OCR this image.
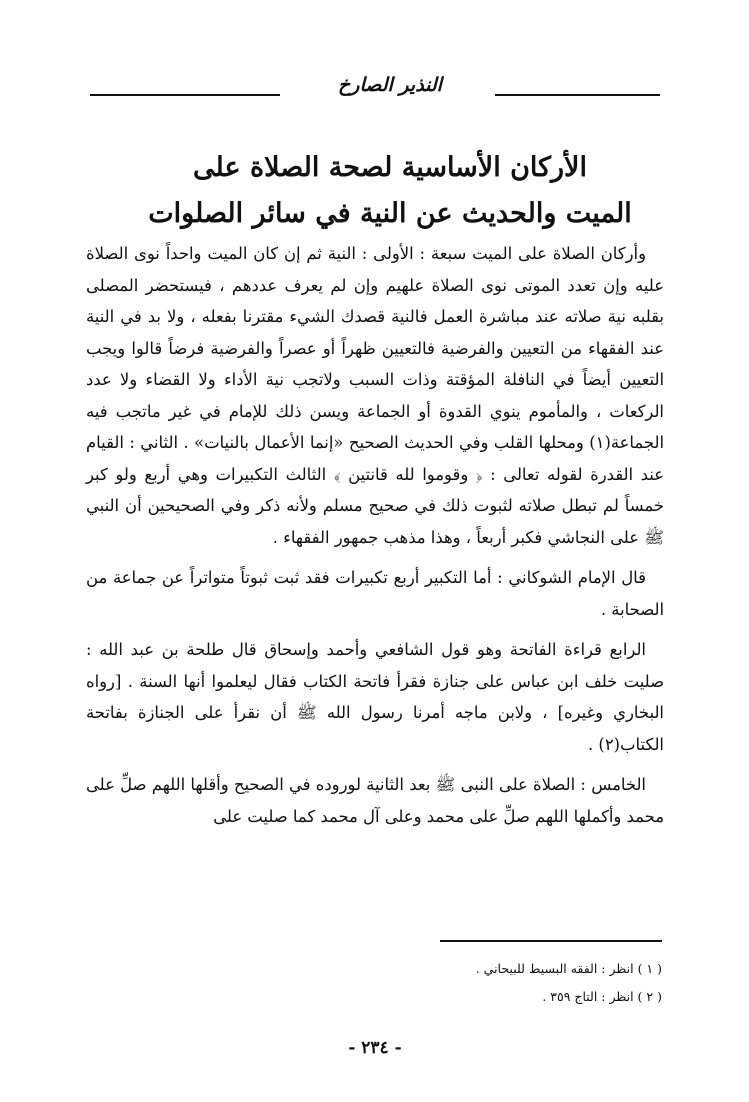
النذير الصارخ
الأركان الأساسية لصحة الصلاة على
الميت والحديث عن النية في سائر الصلوات

وأركان الصلاة على الميت سبعة : الأولى : النية ثم إن كان الميت واحداً نوى الصلاة عليه وإن تعدد الموتى نوى الصلاة علهيم وإن لم يعرف عددهم ، فيستحضر المصلى بقلبه نية صلاته عند مباشرة العمل فالنية قصدك الشيء مقترنا بفعله ، ولا بد في النية عند الفقهاء من التعيين والفرضية فالتعيين ظهراً أو عصراً والفرضية فرضاً قالوا ويجب التعيين أيضاً في النافلة المؤقتة وذات السبب ولاتجب نية الأداء ولا القضاء ولا عدد الركعات ، والمأموم ينوي القدوة أو الجماعة ويسن ذلك للإمام في غير ماتجب فيه الجماعة(١) ومحلها القلب وفي الحديث الصحيح «إنما الأعمال بالنيات» . الثاني : القيام عند القدرة لقوله تعالى : ﴿ وقوموا لله قانتين ﴾ الثالث التكبيرات وهي أربع ولو كبر خمساً لم تبطل صلاته لثبوت ذلك في صحيح مسلم ولأنه ذكر وفي الصحيحين أن النبي ﷺ على النجاشي فكبر أربعاً ، وهذا مذهب جمهور الفقهاء .

قال الإمام الشوكاني : أما التكبير أربع تكبيرات فقد ثبت ثبوتاً متواتراً عن جماعة من الصحابة .

الرابع قراءة الفاتحة وهو قول الشافعي وأحمد وإسحاق قال طلحة بن عبد الله : صليت خلف ابن عباس على جنازة فقرأ فاتحة الكتاب فقال ليعلموا أنها السنة . [رواه البخاري وغيره] ، ولابن ماجه أمرنا رسول الله ﷺ أن نقرأ على الجنازة بفاتحة الكتاب(٢) .

الخامس : الصلاة على النبى ﷺ بعد الثانية لوروده في الصحيح وأقلها اللهم صلِّ على محمد وأكملها اللهم صلِّ على محمد وعلى آل محمد كما صليت على

( ١ ) انظر : الفقه البسيط للبيحاني .
( ٢ ) انظر : التاج ٣٥٩ .
- ٢٣٤ -
